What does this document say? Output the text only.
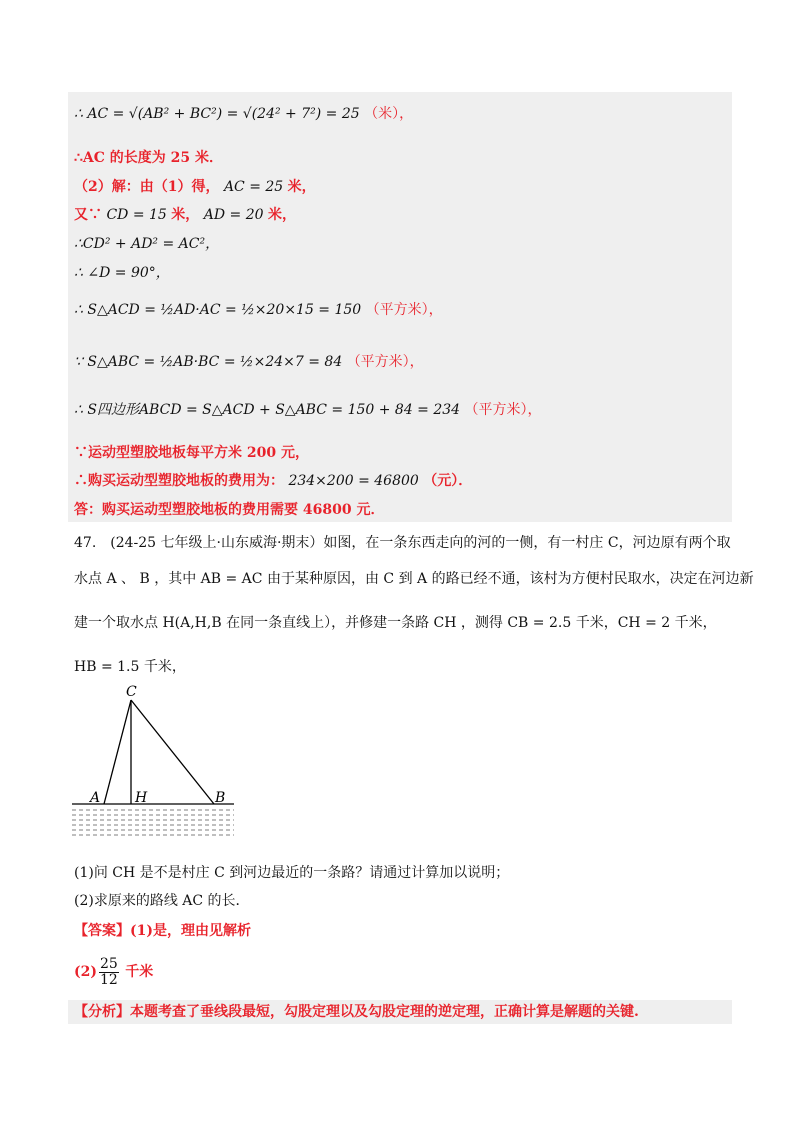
∴ AC = √(AB² + BC²) = √(24² + 7²) = 25 （米），
∴AC 的长度为 25 米．
（2）解：由（1）得， AC = 25 米，
又∵ CD = 15 米， AD = 20 米，
∴CD² + AD² = AC²，
∴ ∠D = 90°，
∴ S△ACD = ½AD·AC = ½×20×15 = 150 （平方米），
∵ S△ABC = ½AB·BC = ½×24×7 = 84 （平方米），
∴ S四边形ABCD = S△ACD + S△ABC = 150 + 84 = 234 （平方米），
∵运动型塑胶地板每平方米 200 元，
∴购买运动型塑胶地板的费用为： 234×200 = 46800 （元）．
答：购买运动型塑胶地板的费用需要 46800 元．
47.　(24-25 七年级上·山东威海·期末）如图，在一条东西走向的河的一侧，有一村庄 C，河边原有两个取
水点 A 、 B ，其中 AB = AC 由于某种原因，由 C 到 A 的路已经不通，该村为方便村民取水，决定在河边新
建一个取水点 H(A,H,B 在同一条直线上），并修建一条路 CH ，测得 CB = 2.5 千米，CH = 2 千米，
HB = 1.5 千米，
C
A H	B
(1)问 CH 是不是村庄 C 到河边最近的一条路？请通过计算加以说明；
(2)求原来的路线 AC 的长．
【答案】(1)是，理由见解析
$(2) \frac{25}{12}$ 千米
【分析】本题考查了垂线段最短，勾股定理以及勾股定理的逆定理，正确计算是解题的关键.
